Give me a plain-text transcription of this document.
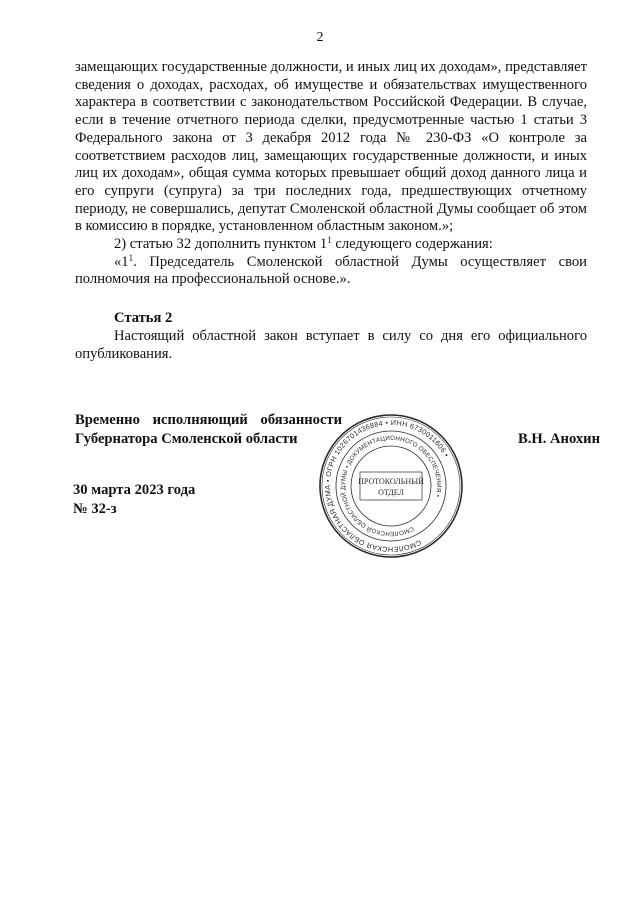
2

замещающих государственные должности, и иных лиц их доходам», представляет сведения о доходах, расходах, об имуществе и обязательствах имущественного характера в соответствии с законодательством Российской Федерации. В случае, если в течение отчетного периода сделки, предусмотренные частью 1 статьи 3 Федерального закона от 3 декабря 2012 года № 230-ФЗ «О контроле за соответствием расходов лиц, замещающих государственные должности, и иных лиц их доходам», общая сумма которых превышает общий доход данного лица и его супруги (супруга) за три последних года, предшествующих отчетному периоду, не совершались, депутат Смоленской областной Думы сообщает об этом в комиссию в порядке, установленном областным законом.»;

2) статью 32 дополнить пунктом $1^1$ следующего содержания:

«$1^1$. Председатель Смоленской областной Думы осуществляет свои полномочия на профессиональной основе.».

Статья 2

Настоящий областной закон вступает в силу со дня его официального опубликования.

Временно исполняющий обязанности
Губернатора Смоленской области	В.Н. Анохин
30 марта 2023 года
№ 32-з
СМОЛЕНСКАЯ ОБЛАСТНАЯ ДУМА • ОГРН 1026701436884 • ИНН 6730011606 •
СМОЛЕНСКОЙ ОБЛАСТНОЙ ДУМЫ • ДОКУМЕНТАЦИОННОГО ОБЕСПЕЧЕНИЯ •
ПРОТОКОЛЬНЫЙ
ОТДЕЛ
